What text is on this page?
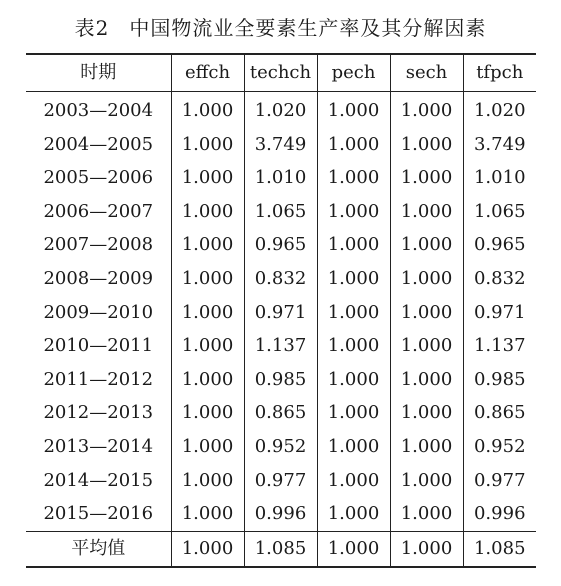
表2 中国物流业全要素生产率及其分解因素
时期	effch	techch	pech	sech	tfpch
2003—2004	1.000	1.020	1.000	1.000	1.020
2004—2005	1.000	3.749	1.000	1.000	3.749
2005—2006	1.000	1.010	1.000	1.000	1.010
2006—2007	1.000	1.065	1.000	1.000	1.065
2007—2008	1.000	0.965	1.000	1.000	0.965
2008—2009	1.000	0.832	1.000	1.000	0.832
2009—2010	1.000	0.971	1.000	1.000	0.971
2010—2011	1.000	1.137	1.000	1.000	1.137
2011—2012	1.000	0.985	1.000	1.000	0.985
2012—2013	1.000	0.865	1.000	1.000	0.865
2013—2014	1.000	0.952	1.000	1.000	0.952
2014—2015	1.000	0.977	1.000	1.000	0.977
2015—2016	1.000	0.996	1.000	1.000	0.996
平均值	1.000	1.085	1.000	1.000	1.085
